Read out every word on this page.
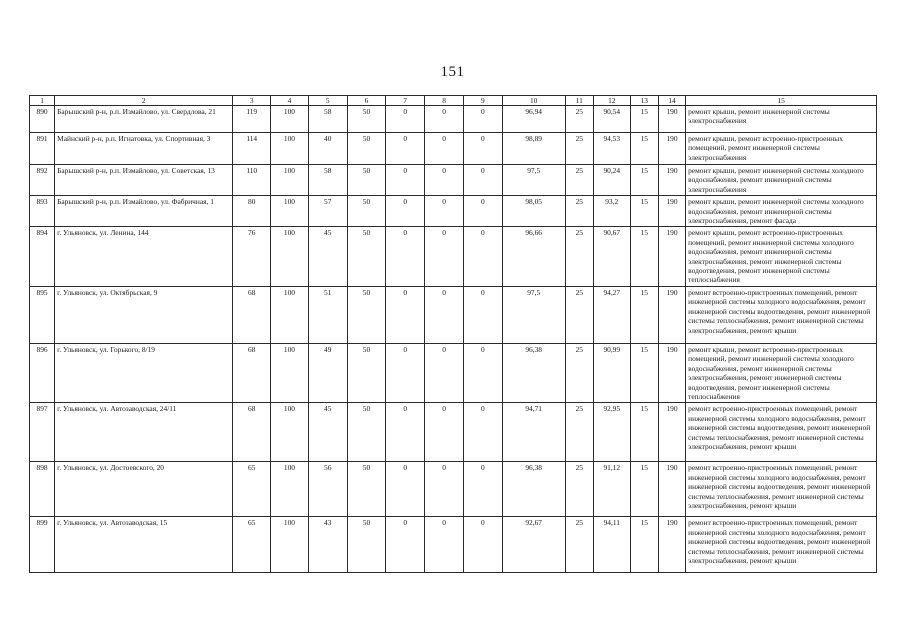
151
1	2	3	4	5	6	7	8	9	10	11	12	13	14	15
890	Барышский р-н, р.п. Измайлово, ул. Свердлова, 21	119	100	58	50	0	0	0	96,94	25	90,54	15	190	ремонт крыши, ремонт инженерной системы электроснабжения
891	Майнский р-н, р.п. Игнатовка, ул. Спортивная, 3	114	100	40	50	0	0	0	98,89	25	94,53	15	190	ремонт крыши, ремонт встроенно-пристроенных помещений, ремонт инженерной системы электроснабжения
892	Барышский р-н, р.п. Измайлово, ул. Советская, 13	110	100	58	50	0	0	0	97,5	25	90,24	15	190	ремонт крыши, ремонт инженерной системы холодного водоснабжения, ремонт инженерной системы электроснабжения
893	Барышский р-н, р.п. Измайлово, ул. Фабричная, 1	80	100	57	50	0	0	0	98,05	25	93,2	15	190	ремонт крыши, ремонт инженерной системы холодного водоснабжения, ремонт инженерной системы электроснабжения, ремонт фасада
894	г. Ульяновск, ул. Ленина, 144	76	100	45	50	0	0	0	96,66	25	90,67	15	190	ремонт крыши, ремонт встроенно-пристроенных помещений, ремонт инженерной системы холодного водоснабжения, ремонт инженерной системы электроснабжения, ремонт инженерной системы водоотведения, ремонт инженерной системы теплоснабжения
895	г. Ульяновск, ул. Октябрьская, 9	68	100	51	50	0	0	0	97,5	25	94,27	15	190	ремонт встроенно-пристроенных помещений, ремонт инженерной системы холодного водоснабжения, ремонт инженерной системы водоотведения, ремонт инженерной системы теплоснабжения, ремонт инженерной системы электроснабжения, ремонт крыши
896	г. Ульяновск, ул. Горького, 8/19	68	100	49	50	0	0	0	96,38	25	90,99	15	190	ремонт крыши, ремонт встроенно-пристроенных помещений, ремонт инженерной системы холодного водоснабжения, ремонт инженерной системы электроснабжения, ремонт инженерной системы водоотведения, ремонт инженерной системы теплоснабжения
897	г. Ульяновск, ул. Автозаводская, 24/11	68	100	45	50	0	0	0	94,71	25	92,95	15	190	ремонт встроенно-пристроенных помещений, ремонт инженерной системы холодного водоснабжения, ремонт инженерной системы водоотведения, ремонт инженерной системы теплоснабжения, ремонт инженерной системы электроснабжения, ремонт крыши
898	г. Ульяновск, ул. Достоевского, 20	65	100	56	50	0	0	0	96,38	25	91,12	15	190	ремонт встроенно-пристроенных помещений, ремонт инженерной системы холодного водоснабжения, ремонт инженерной системы водоотведения, ремонт инженерной системы теплоснабжения, ремонт инженерной системы электроснабжения, ремонт крыши
899	г. Ульяновск, ул. Автозаводская, 15	65	100	43	50	0	0	0	92,67	25	94,11	15	190	ремонт встроенно-пристроенных помещений, ремонт инженерной системы холодного водоснабжения, ремонт инженерной системы водоотведения, ремонт инженерной системы теплоснабжения, ремонт инженерной системы электроснабжения, ремонт крыши
